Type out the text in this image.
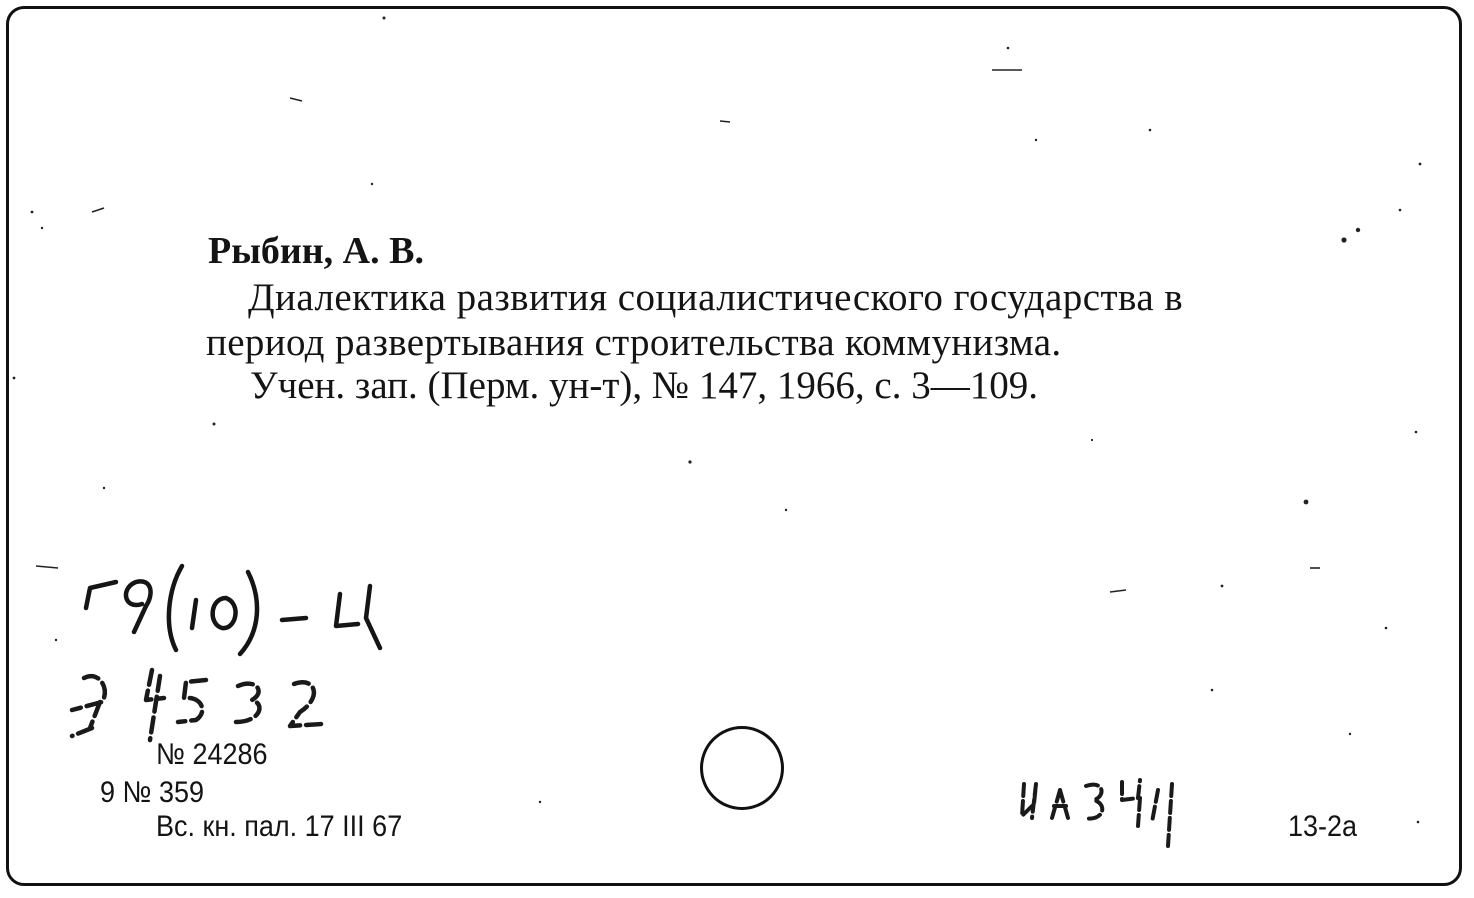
Рыбин, А. В.
Диалектика развития социалистического государства в
период развертывания строительства коммунизма.
Учен. зап. (Перм. ун-т), № 147, 1966, с. 3—109.
№ 24286
9 № 359
Вс. кн. пал. 17 III 67	13-2а
